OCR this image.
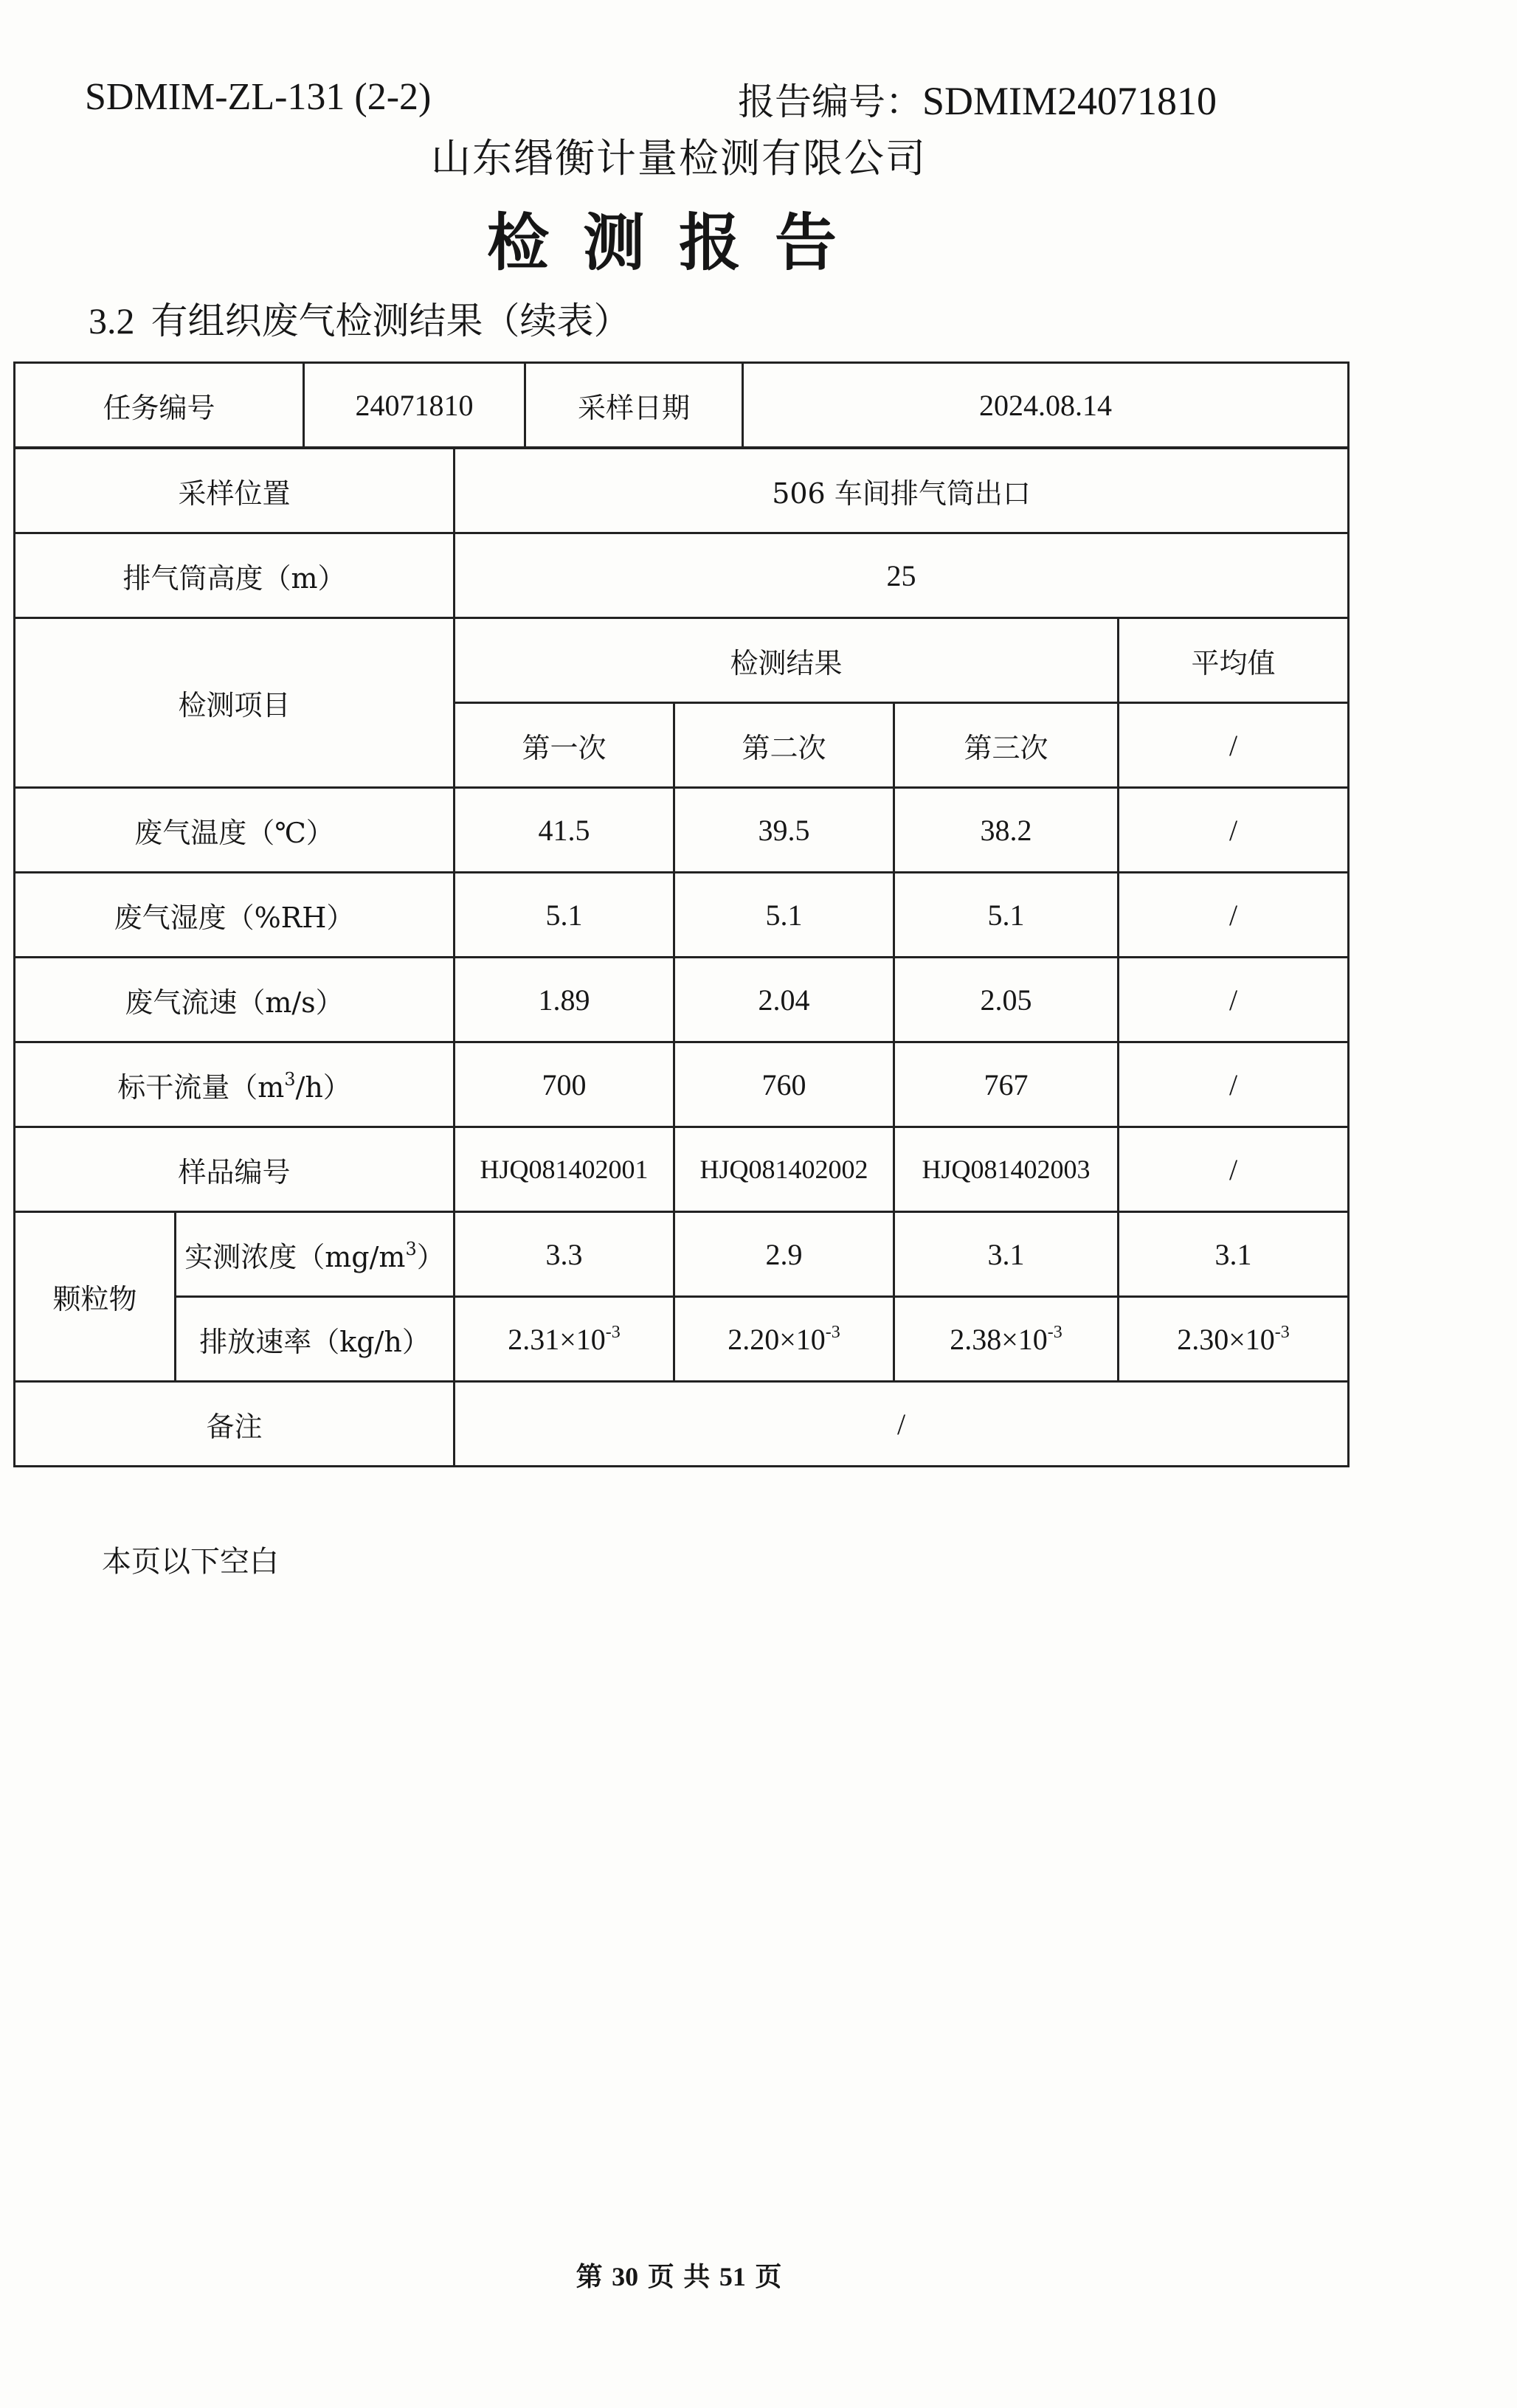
SDMIM-ZL-131 (2-2)	报告编号：SDMIM24071810
山东缗衡计量检测有限公司
检测报告
3.2 有组织废气检测结果（续表）
任务编号	24071810	采样日期	2024.08.14
采样位置		506 车间排气筒出口			
排气筒高度（m）		25			
检测项目		检测结果			平均值
		第一次	第二次	第三次	/
废气温度（℃）		41.5	39.5	38.2	/
废气湿度（%RH）		5.1	5.1	5.1	/
废气流速（m/s）		1.89	2.04	2.05	/
标干流量$(m^3/h)$		700	760	767	/
样品编号		HJQ081402001	HJQ081402002	HJQ081402003	/
颗粒物	实测浓度$(mg/m^3)$	3.3	2.9	3.1	3.1
	排放速率（kg/h）	$2.31\times 10^{-3}$	$2.20\times 10^{-3}$	$2.38\times 10^{-3}$	$2.30\times 10^{-3}$
备注		/			
本页以下空白
第 30 页 共 51 页
